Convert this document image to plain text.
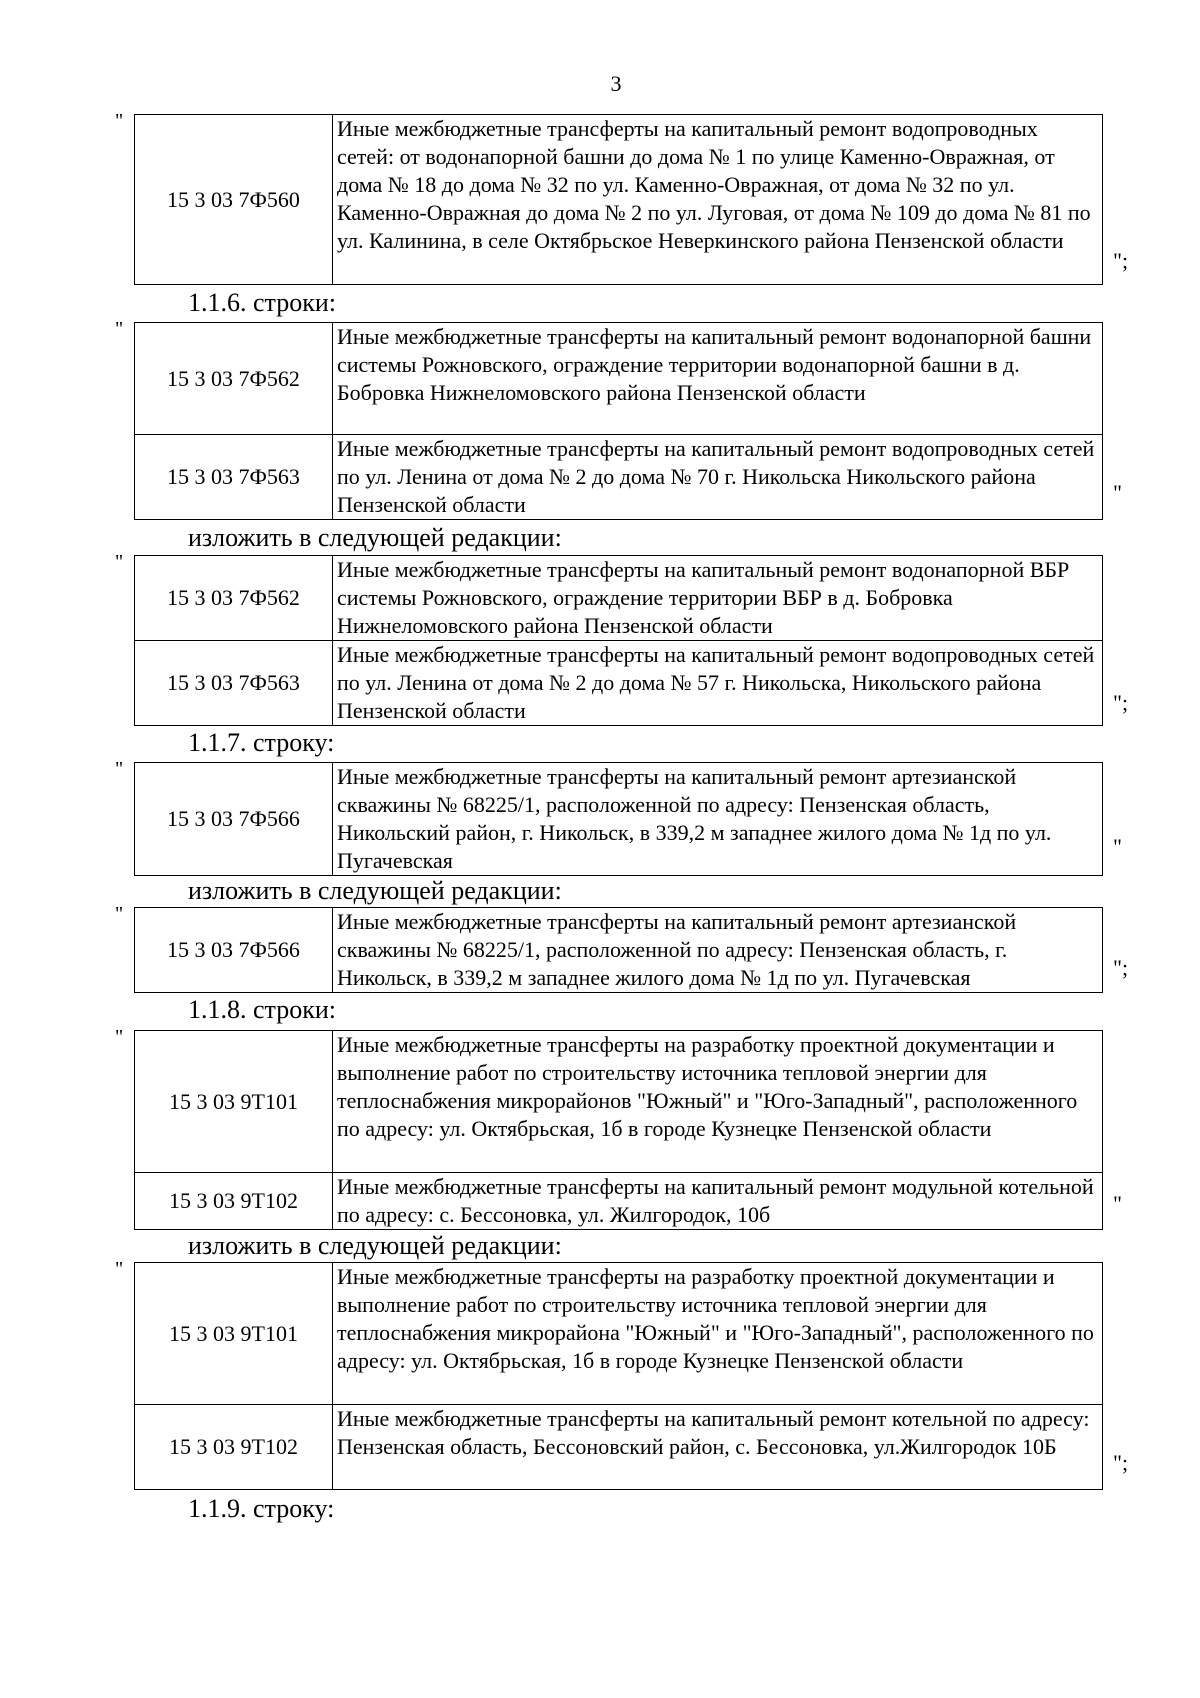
3
"
15 3 03 7Ф560	Иные межбюджетные трансферты на капитальный ремонт водопроводных сетей: от водонапорной башни до дома № 1 по улице Каменно-Овражная, от дома № 18 до дома № 32 по ул. Каменно-Овражная, от дома № 32 по ул. Каменно-Овражная до дома № 2 по ул. Луговая, от дома № 109 до дома № 81 по ул. Калинина, в селе Октябрьское Неверкинского района Пензенской области
";
1.1.6. строки:
"
15 3 03 7Ф562	Иные межбюджетные трансферты на капитальный ремонт водонапорной башни системы Рожновского, ограждение территории водонапорной башни в д. Бобровка Нижнеломовского района Пензенской области
15 3 03 7Ф563	Иные межбюджетные трансферты на капитальный ремонт водопроводных сетей по ул. Ленина от дома № 2 до дома № 70 г. Никольска Никольского района Пензенской области	"
изложить в следующей редакции:
"
15 3 03 7Ф562	Иные межбюджетные трансферты на капитальный ремонт водонапорной ВБР системы Рожновского, ограждение территории ВБР в д. Бобровка Нижнеломовского района Пензенской области
15 3 03 7Ф563	Иные межбюджетные трансферты на капитальный ремонт водопроводных сетей по ул. Ленина от дома № 2 до дома № 57 г. Никольска, Никольского района Пензенской области	";
1.1.7. строку:
"
15 3 03 7Ф566	Иные межбюджетные трансферты на капитальный ремонт артезианской скважины № 68225/1, расположенной по адресу: Пензенская область, Никольский район, г. Никольск, в 339,2 м западнее жилого дома № 1д по ул. Пугачевская
"
изложить в следующей редакции:
"
15 3 03 7Ф566	Иные межбюджетные трансферты на капитальный ремонт артезианской скважины № 68225/1, расположенной по адресу: Пензенская область, г. Никольск, в 339,2 м западнее жилого дома № 1д по ул. Пугачевская	";
1.1.8. строки:
"
15 3 03 9Т101	Иные межбюджетные трансферты на разработку проектной документации и выполнение работ по строительству источника тепловой энергии для теплоснабжения микрорайонов "Южный" и "Юго-Западный", расположенного по адресу: ул. Октябрьская, 1б в городе Кузнецке Пензенской области
15 3 03 9Т102	Иные межбюджетные трансферты на капитальный ремонт модульной котельной по адресу: с. Бессоновка, ул. Жилгородок, 10б	"
изложить в следующей редакции:
"
15 3 03 9Т101	Иные межбюджетные трансферты на разработку проектной документации и выполнение работ по строительству источника тепловой энергии для теплоснабжения микрорайона "Южный" и "Юго-Западный", расположенного по адресу: ул. Октябрьская, 1б в городе Кузнецке Пензенской области
15 3 03 9Т102	Иные межбюджетные трансферты на капитальный ремонт котельной по адресу: Пензенская область, Бессоновский район, с. Бессоновка, ул.Жилгородок 10Б
";
1.1.9. строку:
